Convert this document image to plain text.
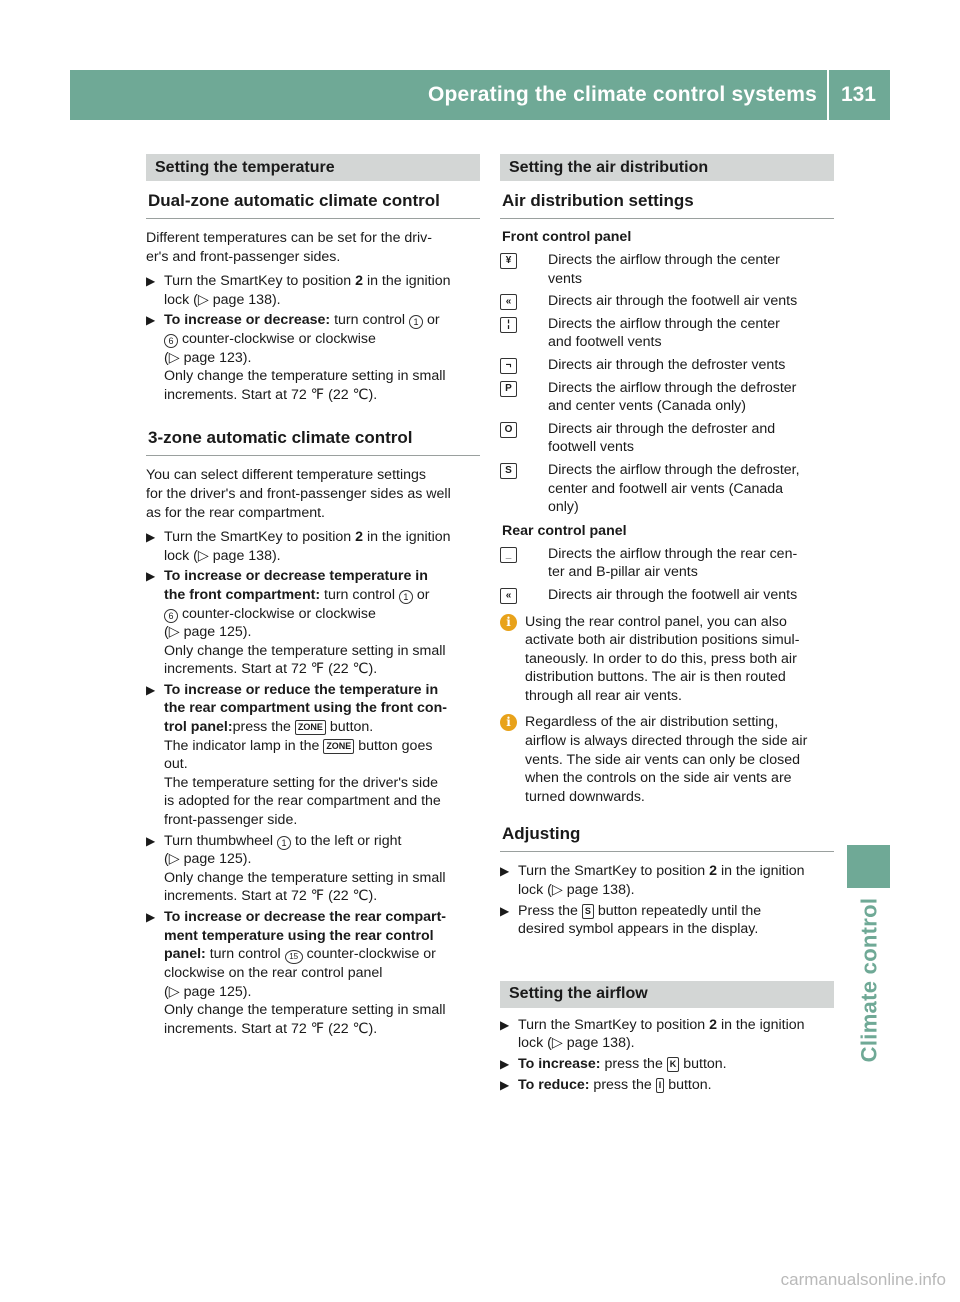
Operating the climate control systems	131
Climate control
Setting the temperature
Dual-zone automatic climate control

Different temperatures can be set for the driv-
er's and front-passenger sides.

▶ Turn the SmartKey to position 2 in the ignition
lock (▷ page 138).
▶ To increase or decrease: turn control 1 or
6 counter-clockwise or clockwise
(▷ page 123).
Only change the temperature setting in small
increments. Start at 72 ℉ (22 ℃).
3-zone automatic climate control

You can select different temperature settings
for the driver's and front-passenger sides as well
as for the rear compartment.

▶ Turn the SmartKey to position 2 in the ignition
lock (▷ page 138).
▶ To increase or decrease temperature in
the front compartment: turn control 1 or
6 counter-clockwise or clockwise
(▷ page 125).
Only change the temperature setting in small
increments. Start at 72 ℉ (22 ℃).
▶ To increase or reduce the temperature in
the rear compartment using the front con-
trol panel:press the ZONE button.
The indicator lamp in the ZONE button goes
out.
The temperature setting for the driver's side
is adopted for the rear compartment and the
front-passenger side.
▶ Turn thumbwheel 1 to the left or right
(▷ page 125).
Only change the temperature setting in small
increments. Start at 72 ℉ (22 ℃).
▶ To increase or decrease the rear compart-
ment temperature using the rear control
panel: turn control 15 counter-clockwise or
clockwise on the rear control panel
(▷ page 125).
Only change the temperature setting in small
increments. Start at 72 ℉ (22 ℃).
Setting the air distribution
Air distribution settings
Front control panel
¥	Directs the airflow through the center
vents
«	Directs air through the footwell air vents
¦	Directs the airflow through the center
and footwell vents
¬	Directs air through the defroster vents
P	Directs the airflow through the defroster
and center vents (Canada only)
O	Directs air through the defroster and
footwell vents
S	Directs the airflow through the defroster,
center and footwell air vents (Canada
only)
Rear control panel
_	Directs the airflow through the rear cen-
ter and B-pillar air vents
«	Directs air through the footwell air vents
i	Using the rear control panel, you can also
activate both air distribution positions simul-
taneously. In order to do this, press both air
distribution buttons. The air is then routed
through all rear air vents.
i	Regardless of the air distribution setting,
airflow is always directed through the side air
vents. The side air vents can only be closed
when the controls on the side air vents are
turned downwards.
Adjusting
▶ Turn the SmartKey to position 2 in the ignition
lock (▷ page 138).
▶ Press the S button repeatedly until the
desired symbol appears in the display.
Setting the airflow
▶ Turn the SmartKey to position 2 in the ignition
lock (▷ page 138).
▶ To increase: press the K button.
▶ To reduce: press the I button.
carmanualsonline.info
